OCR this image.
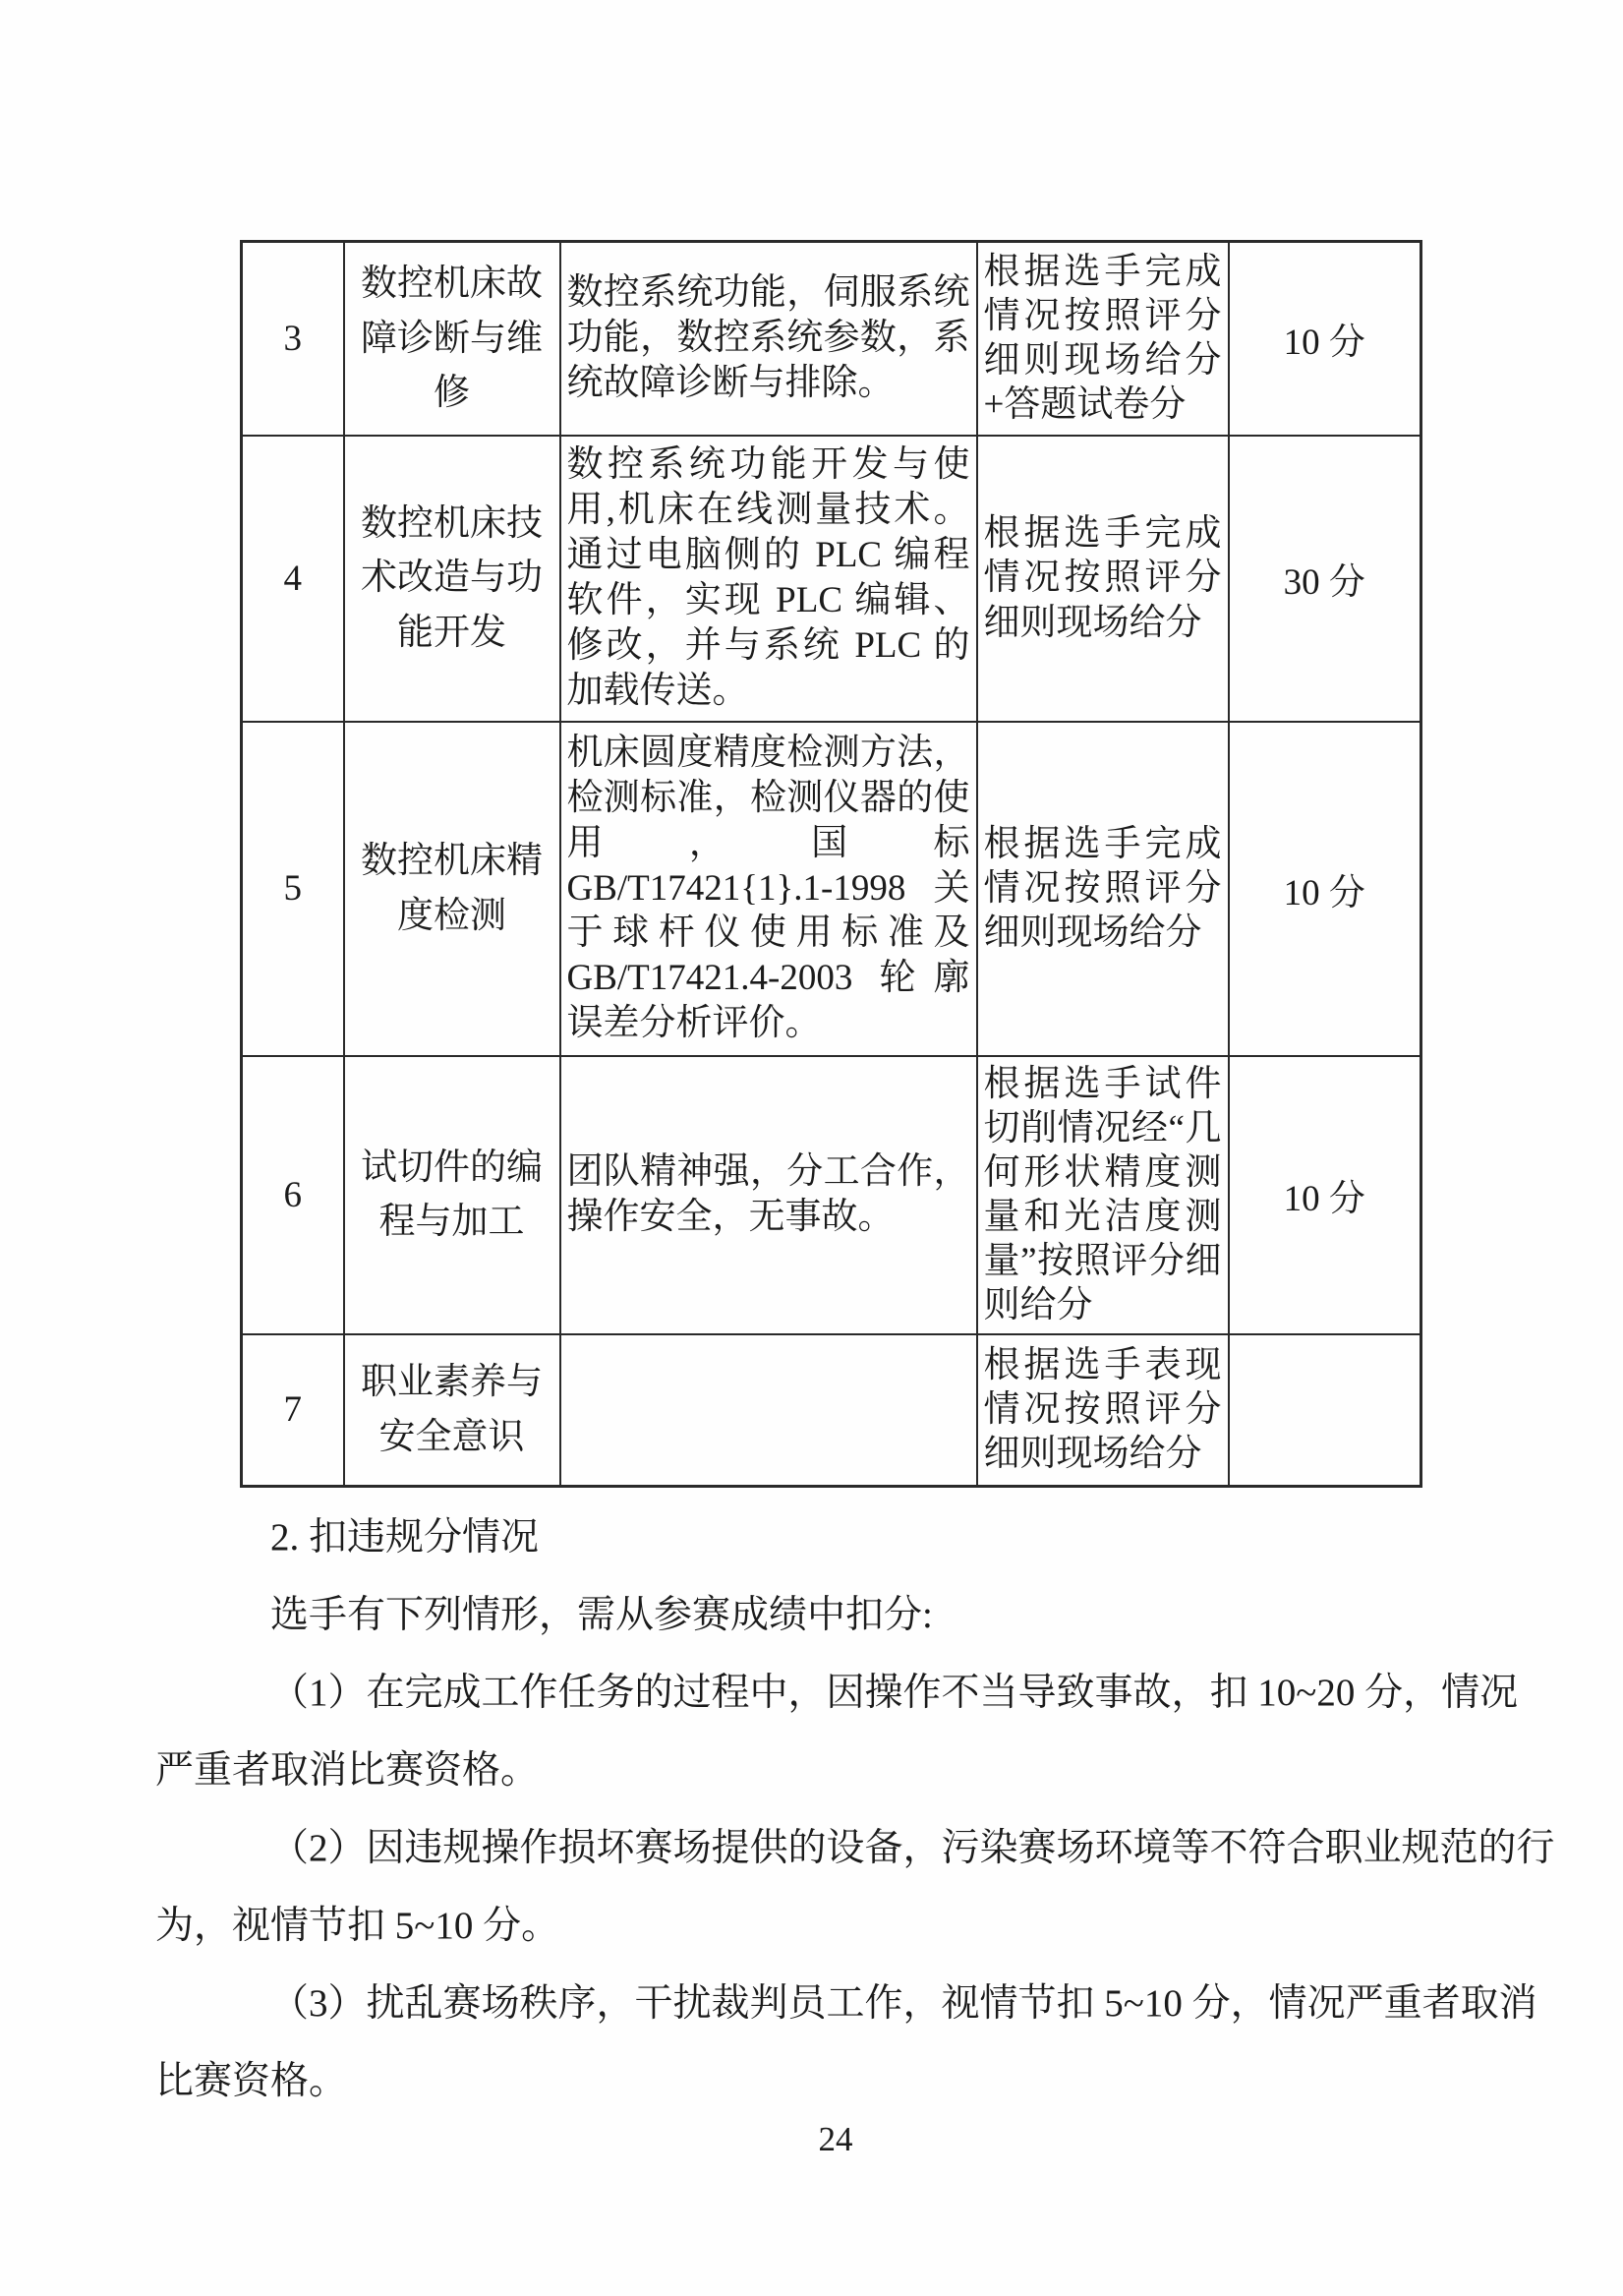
3	数控机床故障诊断与维修	数控系统功能，伺服系统功能，数控系统参数，系统故障诊断与排除。	根据选手完成情况按照评分细则现场给分+答题试卷分	10 分
4	数控机床技术改造与功能开发	数控系统功能开发与使用,机床在线测量技术。通过电脑侧的 PLC 编程软件，实现 PLC 编辑、修改，并与系统 PLC 的加载传送。	根据选手完成情况按照评分细则现场给分	30 分
5	数控机床精度检测	机床圆度精度检测方法，检测标准，检测仪器的使用，国标GB/T17421{1}.1-1998关于球杆仪使用标准及GB/T17421.4-2003 轮廓误差分析评价。	根据选手完成情况按照评分细则现场给分	10 分
6	试切件的编程与加工	团队精神强，分工合作，操作安全，无事故。	根据选手试件切削情况经“几何形状精度测量和光洁度测量”按照评分细则给分	10 分
7	职业素养与安全意识		根据选手表现情况按照评分细则现场给分	

2. 扣违规分情况

选手有下列情形，需从参赛成绩中扣分:

（1）在完成工作任务的过程中，因操作不当导致事故，扣 10~20 分，情况

严重者取消比赛资格。

（2）因违规操作损坏赛场提供的设备，污染赛场环境等不符合职业规范的行

为，视情节扣 5~10 分。

（3）扰乱赛场秩序，干扰裁判员工作，视情节扣 5~10 分，情况严重者取消

比赛资格。

24
